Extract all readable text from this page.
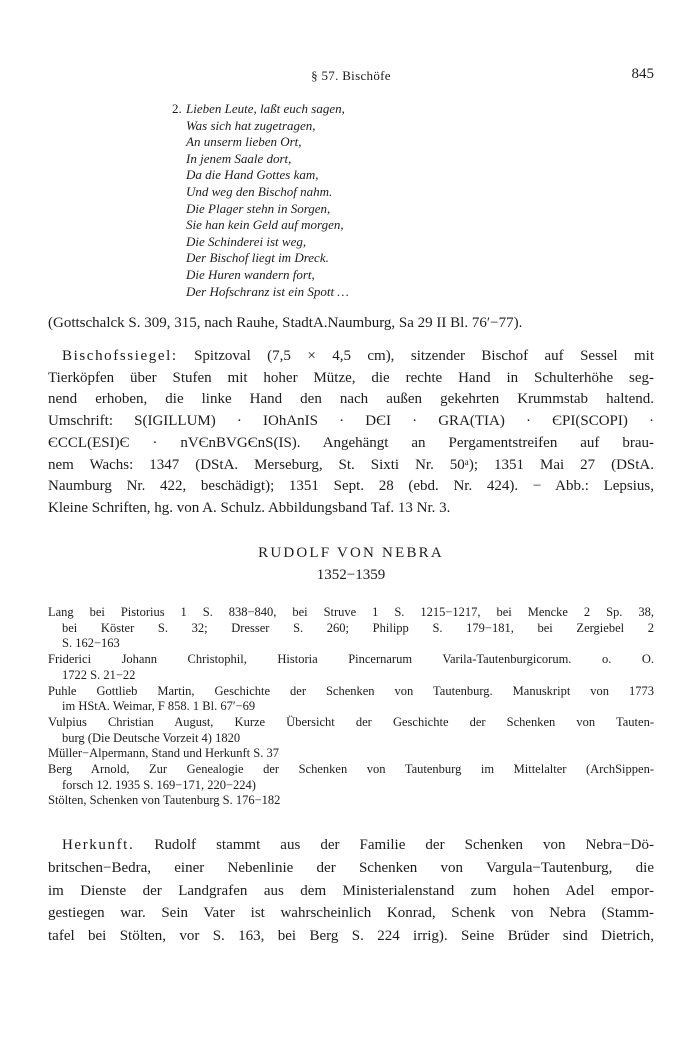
§ 57. Bischöfe	845
2. Lieben Leute, laßt euch sagen,
Was sich hat zugetragen,
An unserm lieben Ort,
In jenem Saale dort,
Da die Hand Gottes kam,
Und weg den Bischof nahm.
Die Plager stehn in Sorgen,
Sie han kein Geld auf morgen,
Die Schinderei ist weg,
Der Bischof liegt im Dreck.
Die Huren wandern fort,
Der Hofschranz ist ein Spott …
(Gottschalck S. 309, 315, nach Rauhe, StadtA.Naumburg, Sa 29 II Bl. 76′−77).
Bischofssiegel: Spitzoval (7,5 × 4,5 cm), sitzender Bischof auf Sessel mit
Tierköpfen über Stufen mit hoher Mütze, die rechte Hand in Schulterhöhe seg-
nend erhoben, die linke Hand den nach außen gekehrten Krummstab haltend.
Umschrift: S(IGILLUM) · IOhAnIS · DЄI · GRA(TIA) · ЄPI(SCOPI) ·
ЄCCL(ESI)Є · nVЄnBVGЄnS(IS). Angehängt an Pergamentstreifen auf brau-
nem Wachs: 1347 (DStA. Merseburg, St. Sixti Nr. 50ᵃ); 1351 Mai 27 (DStA.
Naumburg Nr. 422, beschädigt); 1351 Sept. 28 (ebd. Nr. 424). − Abb.: Lepsius,
Kleine Schriften, hg. von A. Schulz. Abbildungsband Taf. 13 Nr. 3.
RUDOLF VON NEBRA
1352−1359
Lang bei Pistorius 1 S. 838−840, bei Struve 1 S. 1215−1217, bei Mencke 2 Sp. 38,
bei Köster S. 32; Dresser S. 260; Philipp S. 179−181, bei Zergiebel 2
S. 162−163
Friderici Johann Christophil, Historia Pincernarum Varila-Tautenburgicorum. o. O.
1722 S. 21−22
Puhle Gottlieb Martin, Geschichte der Schenken von Tautenburg. Manuskript von 1773
im HStA. Weimar, F 858. 1 Bl. 67′−69
Vulpius Christian August, Kurze Übersicht der Geschichte der Schenken von Tauten-
burg (Die Deutsche Vorzeit 4) 1820
Müller−Alpermann, Stand und Herkunft S. 37
Berg Arnold, Zur Genealogie der Schenken von Tautenburg im Mittelalter (ArchSippen-
forsch 12. 1935 S. 169−171, 220−224)
Stölten, Schenken von Tautenburg S. 176−182
Herkunft. Rudolf stammt aus der Familie der Schenken von Nebra−Dö-
britschen−Bedra, einer Nebenlinie der Schenken von Vargula−Tautenburg, die
im Dienste der Landgrafen aus dem Ministerialenstand zum hohen Adel empor-
gestiegen war. Sein Vater ist wahrscheinlich Konrad, Schenk von Nebra (Stamm-
tafel bei Stölten, vor S. 163, bei Berg S. 224 irrig). Seine Brüder sind Dietrich,
